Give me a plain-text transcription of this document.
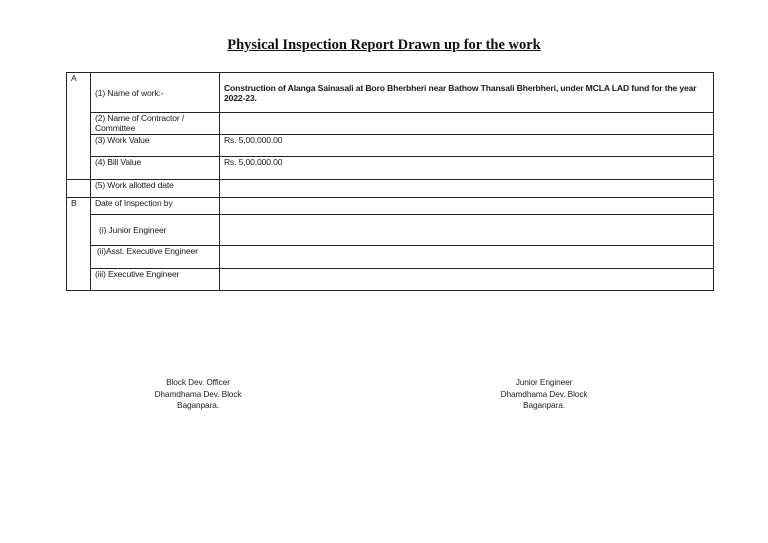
Physical Inspection Report Drawn up for the work
A	(1) Name of work:-	Construction of Alanga Sainasali at Boro Bherbheri near Bathow Thansali Bherbheri, under MCLA LAD fund for the year 2022-23.
	(2) Name of Contractor / Committee	
	(3) Work Value	Rs. 5,00,000.00
	(4) Bill Value	Rs. 5,00,000.00
	(5) Work allotted date	
B	Date of Inspection by	
	(i) Junior Engineer	
	(ii)Asst. Executive Engineer	
	(iii) Executive Engineer	
Block Dev. Officer
Dhamdhama Dev. Block
Baganpara.
Junior Engineer
Dhamdhama Dev. Block
Baganpara.
